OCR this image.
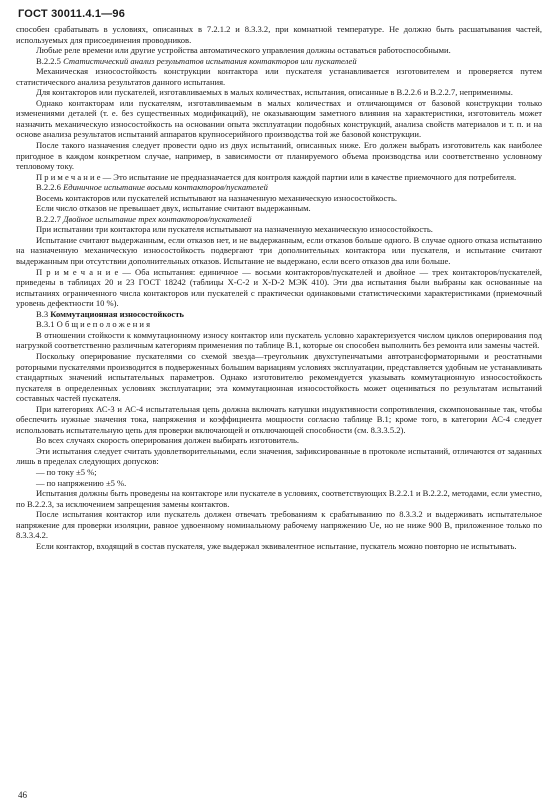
ГОСТ 30011.4.1—96

способен срабатывать в условиях, описанных в 7.2.1.2 и 8.3.3.2, при комнатной температуре. Не должно быть расшатывания частей, используемых для присоединения проводников.

Любые реле времени или другие устройства автоматического управления должны оставаться работоспособными.

B.2.2.5 Статистический анализ результатов испытания контакторов или пускателей

Механическая износостойкость конструкции контактора или пускателя устанавливается изготовителем и проверяется путем статистического анализа результатов данного испытания.

Для контакторов или пускателей, изготавливаемых в малых количествах, испытания, описанные в В.2.2.6 и В.2.2.7, неприменимы.

Однако контакторам или пускателям, изготавливаемым в малых количествах и отличающимся от базовой конструкции только изменениями деталей (т. е. без существенных модификаций), не оказывающим заметного влияния на характеристики, изготовитель может назначить механическую износостойкость на основании опыта эксплуатации подобных конструкций, анализа свойств материалов и т. п. и на основе анализа результатов испытаний аппаратов крупносерийного производства той же базовой конструкции.

После такого назначения следует провести одно из двух испытаний, описанных ниже. Его должен выбрать изготовитель как наиболее пригодное в каждом конкретном случае, например, в зависимости от планируемого объема производства или соответственно условному тепловому току.

П р и м е ч а н и е — Это испытание не предназначается для контроля каждой партии или в качестве приемочного для потребителя.

B.2.2.6 Единичное испытание восьми контакторов/пускателей

Восемь контакторов или пускателей испытывают на назначенную механическую износостойкость.

Если число отказов не превышает двух, испытание считают выдержанным.

B.2.2.7 Двойное испытание трех контакторов/пускателей

При испытании три контактора или пускателя испытывают на назначенную механическую износостойкость.

Испытание считают выдержанным, если отказов нет, и не выдержанным, если отказов больше одного. В случае одного отказа испытанию на назначенную механическую износостойкость подвергают три дополнительных контактора или пускателя, и испытание считают выдержанным при отсутствии дополнительных отказов. Испытание не выдержано, если всего отказов два или больше.

П р и м е ч а н и е — Оба испытания: единичное — восьми контакторов/пускателей и двойное — трех контакторов/пускателей, приведены в таблицах 20 и 23 ГОСТ 18242 (таблицы Х-С-2 и Х-D-2 МЭК 410). Эти два испытания были выбраны как основанные на испытаниях ограниченного числа контакторов или пускателей с практически одинаковыми статистическими характеристиками (приемочный уровень дефектности 10 %).

B.3 Коммутационная износостойкость

B.3.1 О б щ и е п о л о ж е н и я

В отношении стойкости к коммутационному износу контактор или пускатель условно характеризуется числом циклов оперирования под нагрузкой соответственно различным категориям применения по таблице В.1, которые он способен выполнить без ремонта или замены частей.

Поскольку оперирование пускателями со схемой звезда—треугольник двухступенчатыми автотрансформаторными и реостатными роторными пускателями производится в подверженных большим вариациям условиях эксплуатации, представляется удобным не устанавливать стандартных значений испытательных параметров. Однако изготовителю рекомендуется указывать коммутационную износостойкость пускателя в определенных условиях эксплуатации; эта коммутационная износостойкость может оцениваться по результатам испытаний составных частей пускателя.

При категориях АС-3 и АС-4 испытательная цепь должна включать катушки индуктивности сопротивления, скомпонованные так, чтобы обеспечить нужные значения тока, напряжения и коэффициента мощности согласно таблице В.1; кроме того, в категории АС-4 следует использовать испытательную цепь для проверки включающей и отключающей способности (см. 8.3.3.5.2).

Во всех случаях скорость оперирования должен выбирать изготовитель.

Эти испытания следует считать удовлетворительными, если значения, зафиксированные в протоколе испытаний, отличаются от заданных лишь в пределах следующих допусков:

— по току ±5 %;

— по напряжению ±5 %.

Испытания должны быть проведены на контакторе или пускателе в условиях, соответствующих В.2.2.1 и В.2.2.2, методами, если уместно, по В.2.2.3, за исключением запрещения замены контактов.

После испытания контактор или пускатель должен отвечать требованиям к срабатыванию по 8.3.3.2 и выдерживать испытательное напряжение для проверки изоляции, равное удвоенному номинальному рабочему напряжению Ue, но не ниже 900 В, приложенное только по 8.3.3.4.2.

Если контактор, входящий в состав пускателя, уже выдержал эквивалентное испытание, пускатель можно повторно не испытывать.

46
